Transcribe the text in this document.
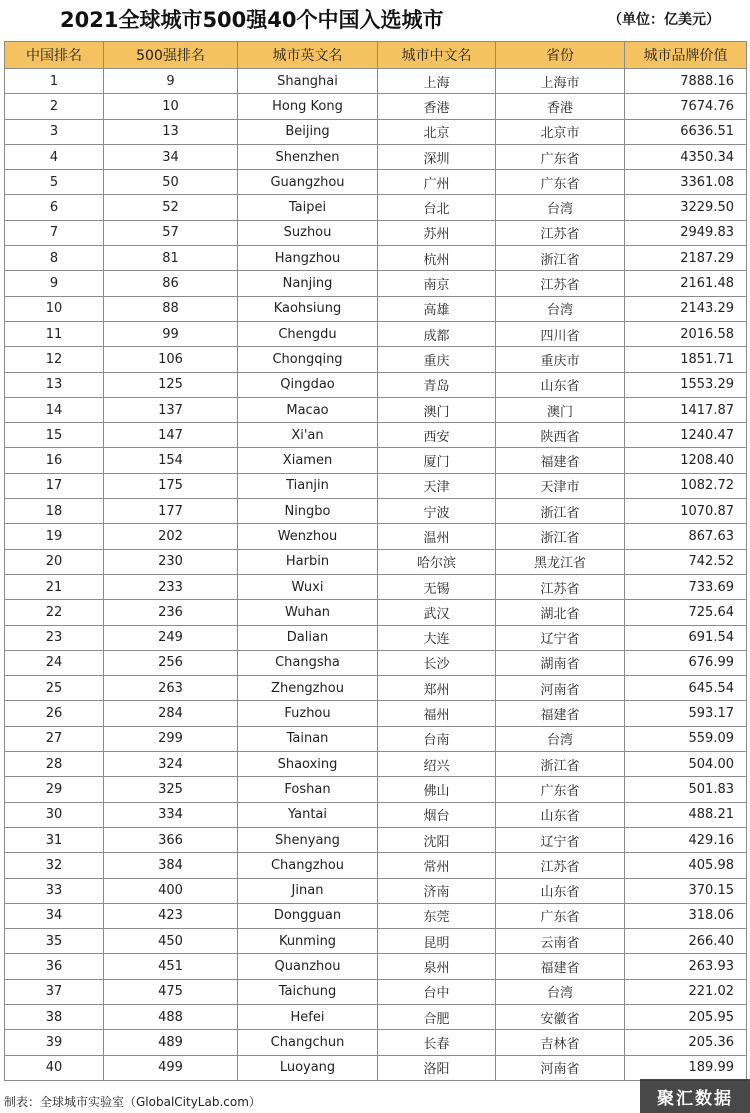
2021全球城市500强40个中国入选城市	（单位：亿美元）
中国排名	500强排名	城市英文名	城市中文名	省份	城市品牌价值
1	9	Shanghai	上海	上海市	7888.16
2	10	Hong Kong	香港	香港	7674.76
3	13	Beijing	北京	北京市	6636.51
4	34	Shenzhen	深圳	广东省	4350.34
5	50	Guangzhou	广州	广东省	3361.08
6	52	Taipei	台北	台湾	3229.50
7	57	Suzhou	苏州	江苏省	2949.83
8	81	Hangzhou	杭州	浙江省	2187.29
9	86	Nanjing	南京	江苏省	2161.48
10	88	Kaohsiung	高雄	台湾	2143.29
11	99	Chengdu	成都	四川省	2016.58
12	106	Chongqing	重庆	重庆市	1851.71
13	125	Qingdao	青岛	山东省	1553.29
14	137	Macao	澳门	澳门	1417.87
15	147	Xi'an	西安	陕西省	1240.47
16	154	Xiamen	厦门	福建省	1208.40
17	175	Tianjin	天津	天津市	1082.72
18	177	Ningbo	宁波	浙江省	1070.87
19	202	Wenzhou	温州	浙江省	867.63
20	230	Harbin	哈尔滨	黑龙江省	742.52
21	233	Wuxi	无锡	江苏省	733.69
22	236	Wuhan	武汉	湖北省	725.64
23	249	Dalian	大连	辽宁省	691.54
24	256	Changsha	长沙	湖南省	676.99
25	263	Zhengzhou	郑州	河南省	645.54
26	284	Fuzhou	福州	福建省	593.17
27	299	Tainan	台南	台湾	559.09
28	324	Shaoxing	绍兴	浙江省	504.00
29	325	Foshan	佛山	广东省	501.83
30	334	Yantai	烟台	山东省	488.21
31	366	Shenyang	沈阳	辽宁省	429.16
32	384	Changzhou	常州	江苏省	405.98
33	400	Jinan	济南	山东省	370.15
34	423	Dongguan	东莞	广东省	318.06
35	450	Kunming	昆明	云南省	266.40
36	451	Quanzhou	泉州	福建省	263.93
37	475	Taichung	台中	台湾	221.02
38	488	Hefei	合肥	安徽省	205.95
39	489	Changchun	长春	吉林省	205.36
40	499	Luoyang	洛阳	河南省	189.99
制表：全球城市实验室（GlobalCityLab.com）	聚汇数据
